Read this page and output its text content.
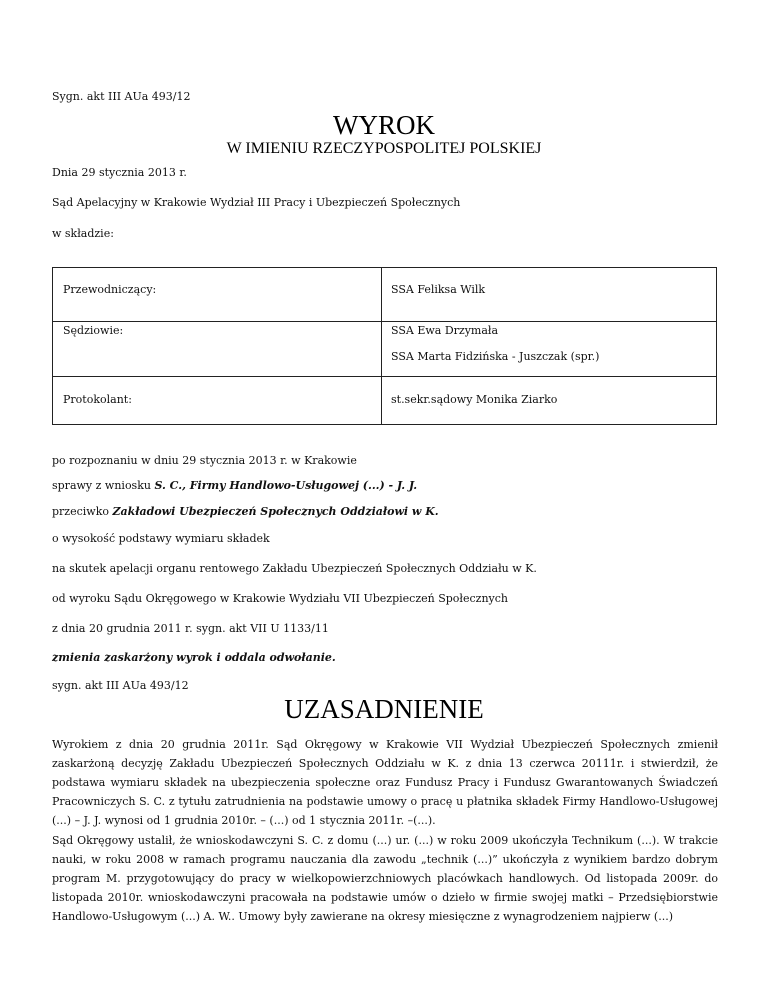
Sygn. akt III AUa 493/12
WYROK
W IMIENIU RZECZYPOSPOLITEJ POLSKIEJ
Dnia 29 stycznia 2013 r.
Sąd Apelacyjny w Krakowie Wydział III Pracy i Ubezpieczeń Społecznych
w składzie:
Przewodniczący:	SSA Feliksa Wilk
Sędziowie:	SSA Ewa Drzymała
SSA Marta Fidzińska - Juszczak (spr.)
Protokolant:	st.sekr.sądowy Monika Ziarko
po rozpoznaniu w dniu 29 stycznia 2013 r. w Krakowie
sprawy z wniosku S. C., Firmy Handlowo-Usługowej (...) - J. J.
przeciwko Zakładowi Ubezpieczeń Społecznych Oddziałowi w K.
o wysokość podstawy wymiaru składek
na skutek apelacji organu rentowego Zakładu Ubezpieczeń Społecznych Oddziału w K.
od wyroku Sądu Okręgowego w Krakowie Wydziału VII Ubezpieczeń Społecznych
z dnia 20 grudnia 2011 r. sygn. akt VII U 1133/11
zmienia zaskarżony wyrok i oddala odwołanie.
sygn. akt III AUa 493/12
UZASADNIENIE
Wyrokiem z dnia 20 grudnia 2011r. Sąd Okręgowy w Krakowie VII Wydział Ubezpieczeń Społecznych zmienił zaskarżoną decyzję Zakładu Ubezpieczeń Społecznych Oddziału w K. z dnia 13 czerwca 20111r. i stwierdził, że podstawa wymiaru składek na ubezpieczenia społeczne oraz Fundusz Pracy i Fundusz Gwarantowanych Świadczeń Pracowniczych S. C. z tytułu zatrudnienia na podstawie umowy o pracę u płatnika składek Firmy Handlowo-Usługowej (...) – J. J. wynosi od 1 grudnia 2010r. – (...) od 1 stycznia 2011r. –(...).
Sąd Okręgowy ustalił, że wnioskodawczyni S. C. z domu (...) ur. (...) w roku 2009 ukończyła Technikum (...). W trakcie nauki, w roku 2008 w ramach programu nauczania dla zawodu „technik (...)” ukończyła z wynikiem bardzo dobrym program M. przygotowujący do pracy w wielkopowierzchniowych placówkach handlowych. Od listopada 2009r. do listopada 2010r. wnioskodawczyni pracowała na podstawie umów o dzieło w firmie swojej matki – Przedsiębiorstwie Handlowo-Usługowym (...) A. W.. Umowy były zawierane na okresy miesięczne z wynagrodzeniem najpierw (...)
